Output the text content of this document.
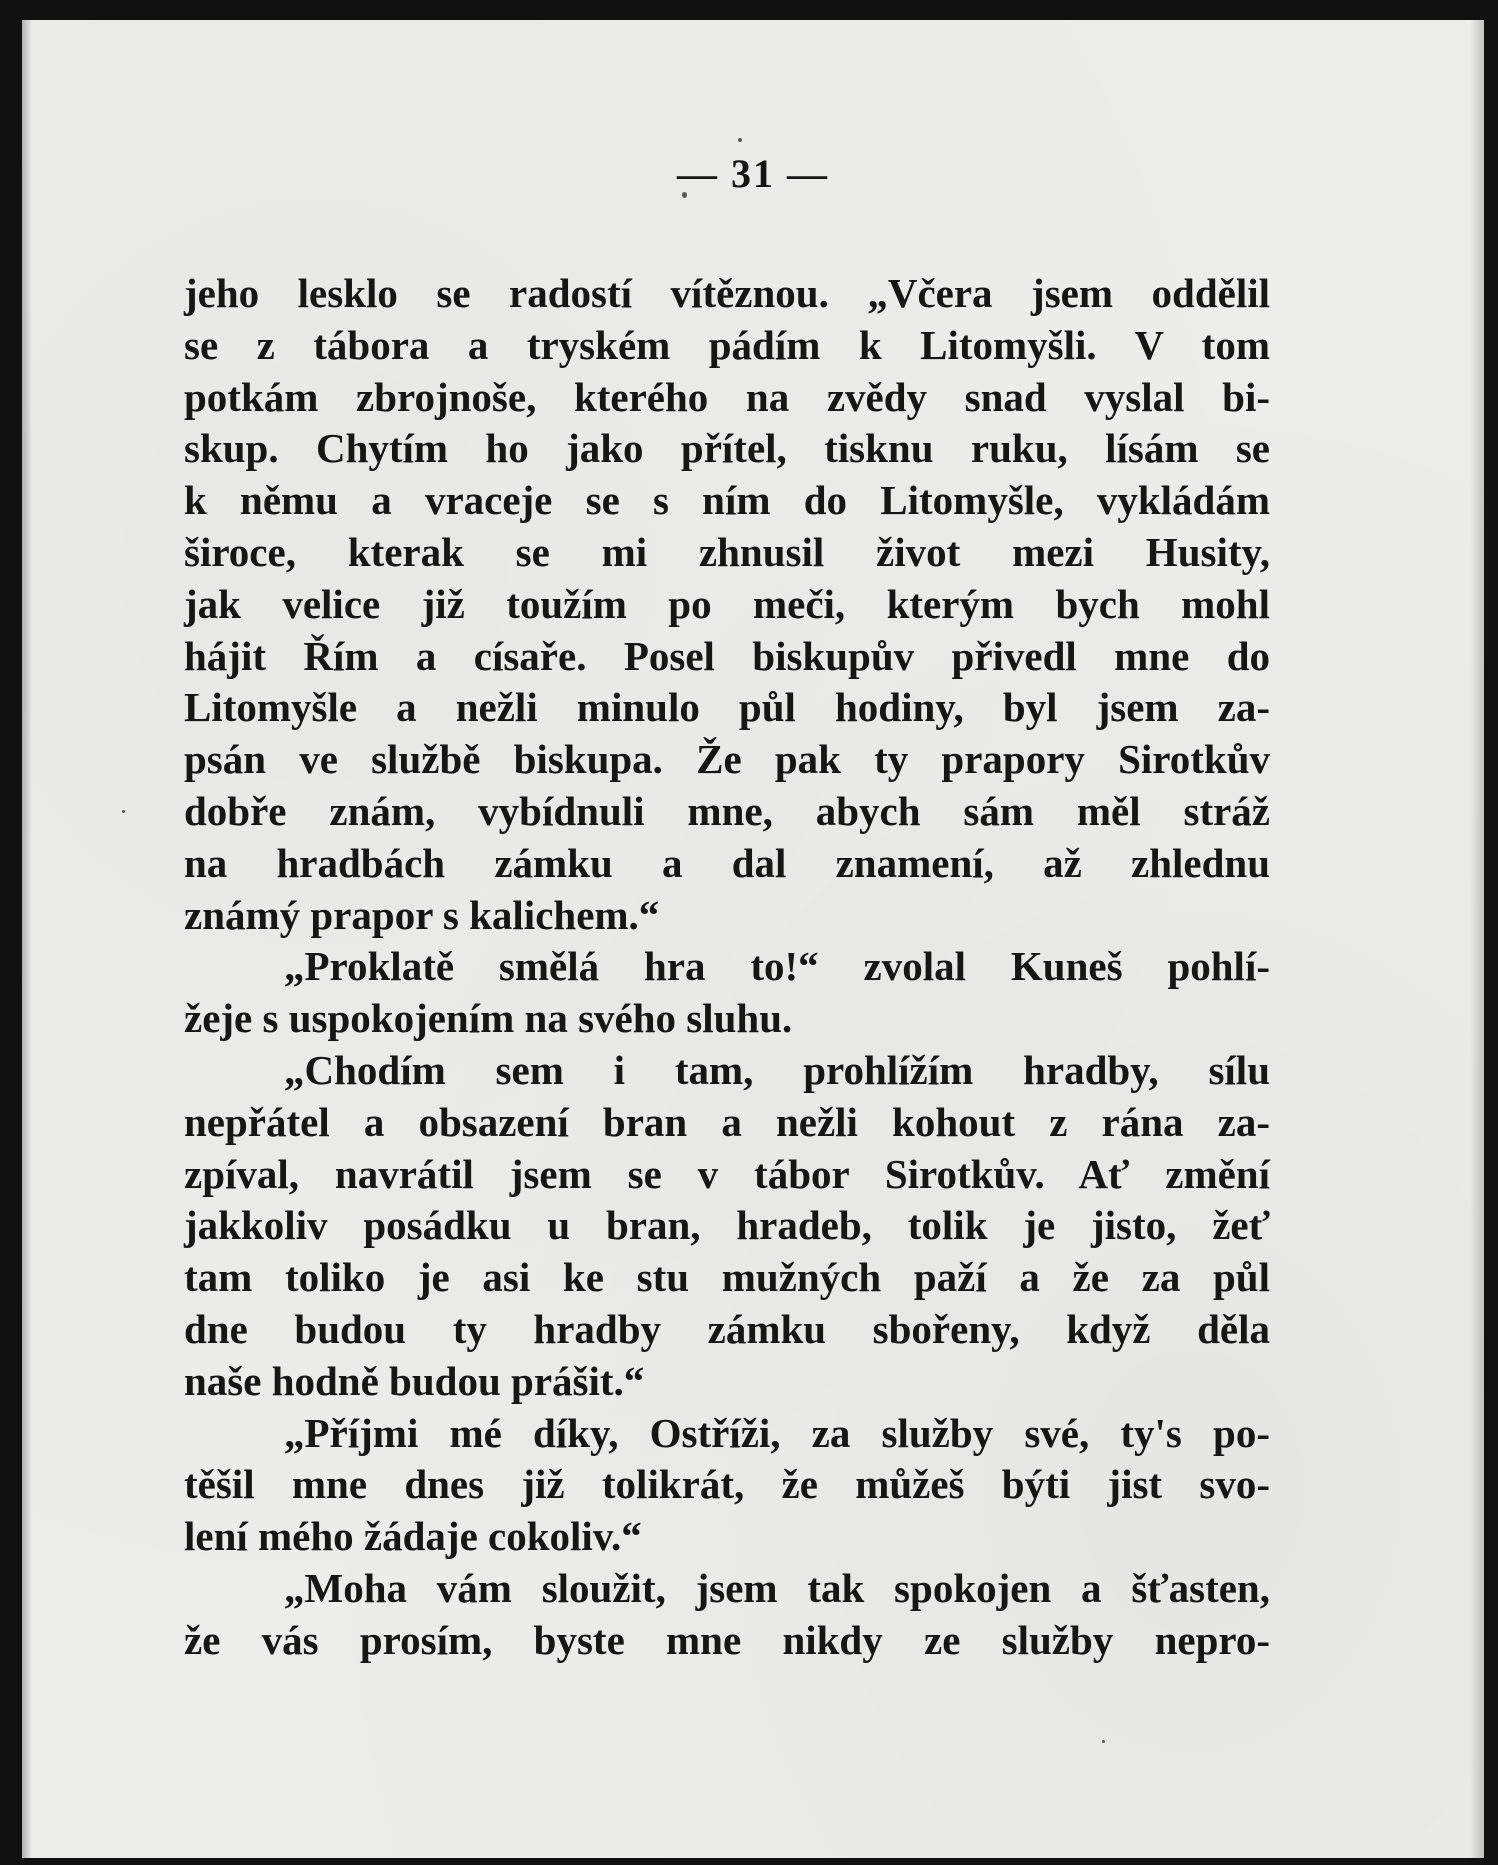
— 31 —
jeho lesklo se radostí vítěznou. „Včera jsem oddělil
se z tábora a tryském pádím k Litomyšli. V tom
potkám zbrojnoše, kterého na zvědy snad vyslal bi-
skup. Chytím ho jako přítel, tisknu ruku, lísám se
k němu a vraceje se s ním do Litomyšle, vykládám
široce, kterak se mi zhnusil život mezi Husity,
jak velice již toužím po meči, kterým bych mohl
hájit Řím a císaře. Posel biskupův přivedl mne do
Litomyšle a nežli minulo půl hodiny, byl jsem za-
psán ve službě biskupa. Že pak ty prapory Sirotkův
dobře znám, vybídnuli mne, abych sám měl stráž
na hradbách zámku a dal znamení, až zhlednu
známý prapor s kalichem.“
„Proklatě smělá hra to!“ zvolal Kuneš pohlí-
žeje s uspokojením na svého sluhu.
„Chodím sem i tam, prohlížím hradby, sílu
nepřátel a obsazení bran a nežli kohout z rána za-
zpíval, navrátil jsem se v tábor Sirotkův. Ať změní
jakkoliv posádku u bran, hradeb, tolik je jisto, žeť
tam toliko je asi ke stu mužných paží a že za půl
dne budou ty hradby zámku sbořeny, když děla
naše hodně budou prášit.“
„Příjmi mé díky, Ostříži, za služby své, ty's po-
těšil mne dnes již tolikrát, že můžeš býti jist svo-
lení mého žádaje cokoliv.“
„Moha vám sloužit, jsem tak spokojen a šťasten,
že vás prosím, byste mne nikdy ze služby nepro-
